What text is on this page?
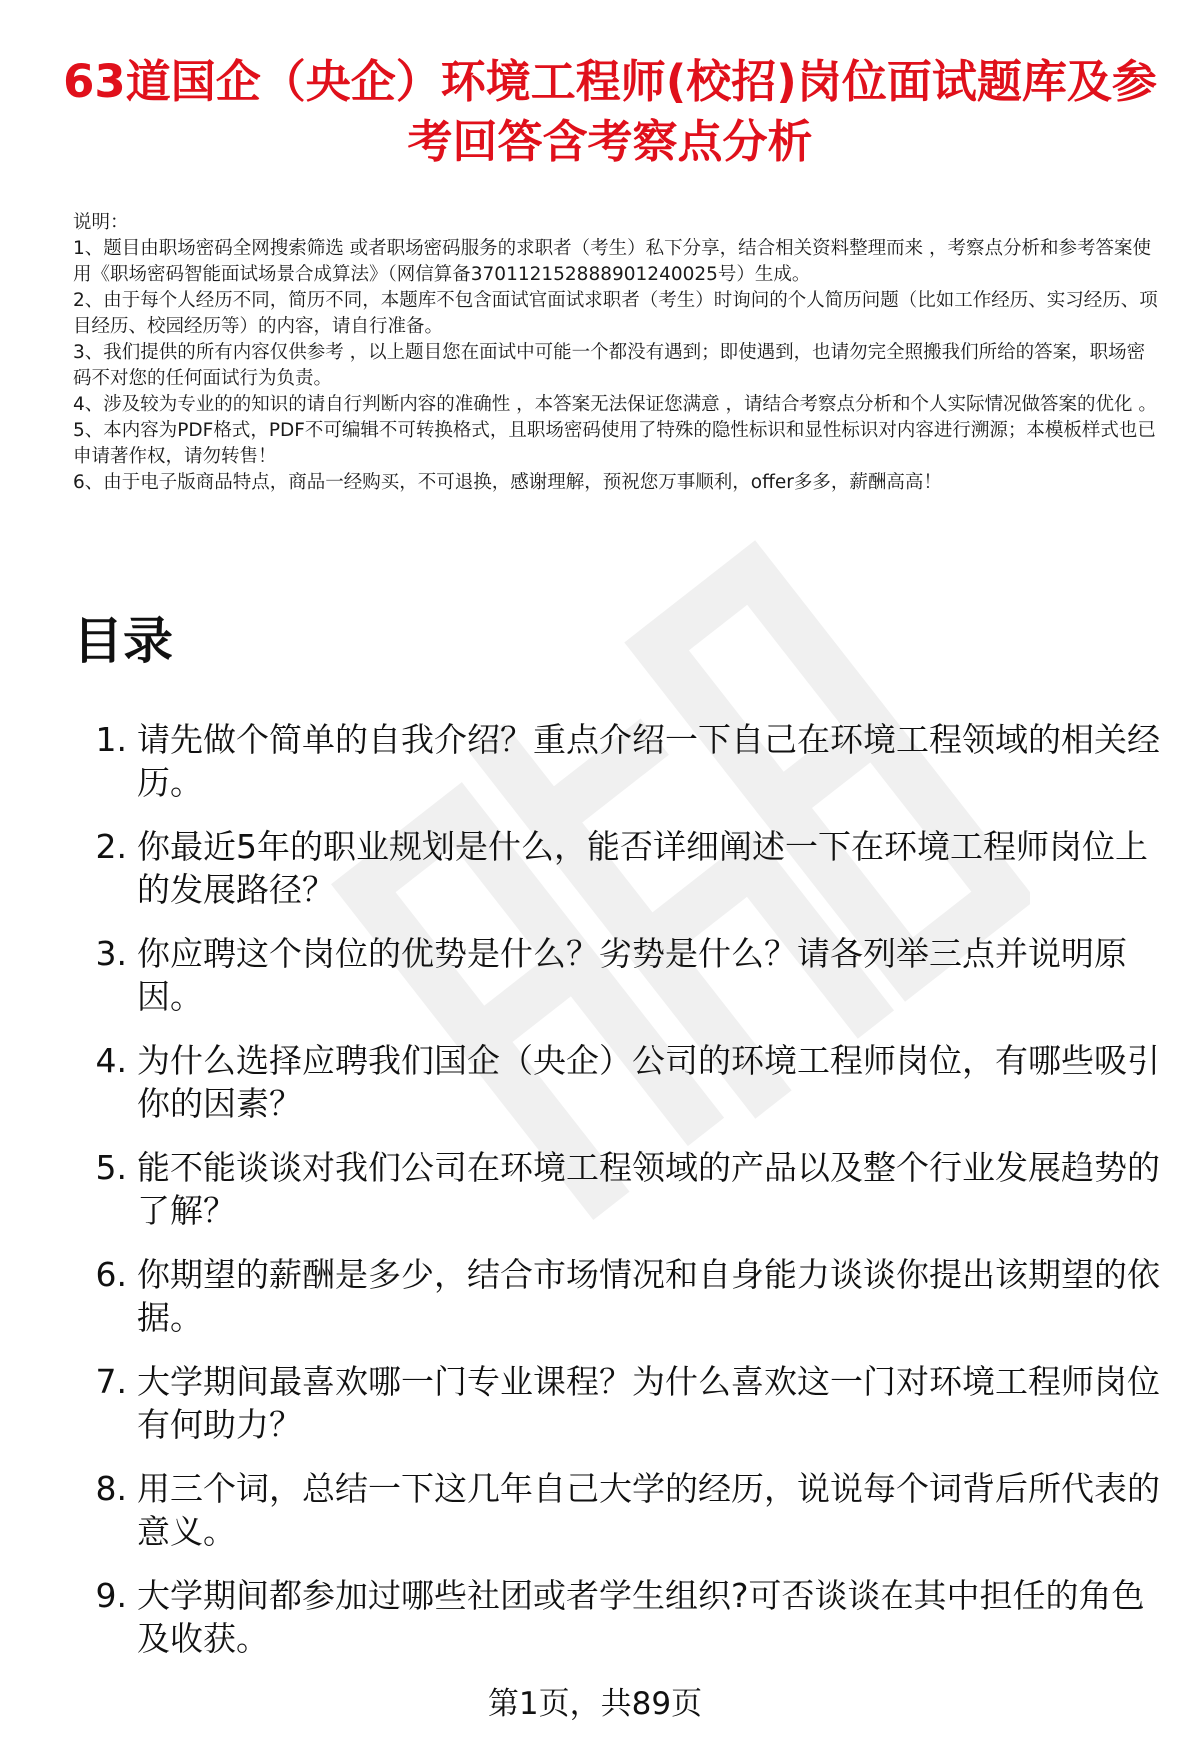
63道国企（央企）环境工程师(校招)岗位面试题库及参考回答含考察点分析

说明：

1、题目由职场密码全网搜索筛选 或者职场密码服务的求职者（考生）私下分享，结合相关资料整理而来 ，考察点分析和参考答案使用《职场密码智能面试场景合成算法》（网信算备370112152888901240025号）生成。

2、由于每个人经历不同，简历不同，本题库不包含面试官面试求职者（考生）时询问的个人简历问题（比如工作经历、实习经历、项目经历、校园经历等）的内容，请自行准备。

3、我们提供的所有内容仅供参考 ，以上题目您在面试中可能一个都没有遇到；即使遇到，也请勿完全照搬我们所给的答案，职场密码不对您的任何面试行为负责。

4、涉及较为专业的的知识的请自行判断内容的准确性 ，本答案无法保证您满意 ，请结合考察点分析和个人实际情况做答案的优化 。

5、本内容为PDF格式，PDF不可编辑不可转换格式，且职场密码使用了特殊的隐性标识和显性标识对内容进行溯源；本模板样式也已申请著作权，请勿转售！

6、由于电子版商品特点，商品一经购买，不可退换，感谢理解，预祝您万事顺利，offer多多，薪酬高高！

目录
1. 请先做个简单的自我介绍？重点介绍一下自己在环境工程领域的相关经历。
2. 你最近5年的职业规划是什么，能否详细阐述一下在环境工程师岗位上的发展路径？
3. 你应聘这个岗位的优势是什么？劣势是什么？请各列举三点并说明原因。
4. 为什么选择应聘我们国企（央企）公司的环境工程师岗位，有哪些吸引你的因素？
5. 能不能谈谈对我们公司在环境工程领域的产品以及整个行业发展趋势的了解？
6. 你期望的薪酬是多少，结合市场情况和自身能力谈谈你提出该期望的依据。
7. 大学期间最喜欢哪一门专业课程？为什么喜欢这一门对环境工程师岗位有何助力？
8. 用三个词，总结一下这几年自己大学的经历，说说每个词背后所代表的意义。
9. 大学期间都参加过哪些社团或者学生组织?可否谈谈在其中担任的角色及收获。
第1页，共89页
